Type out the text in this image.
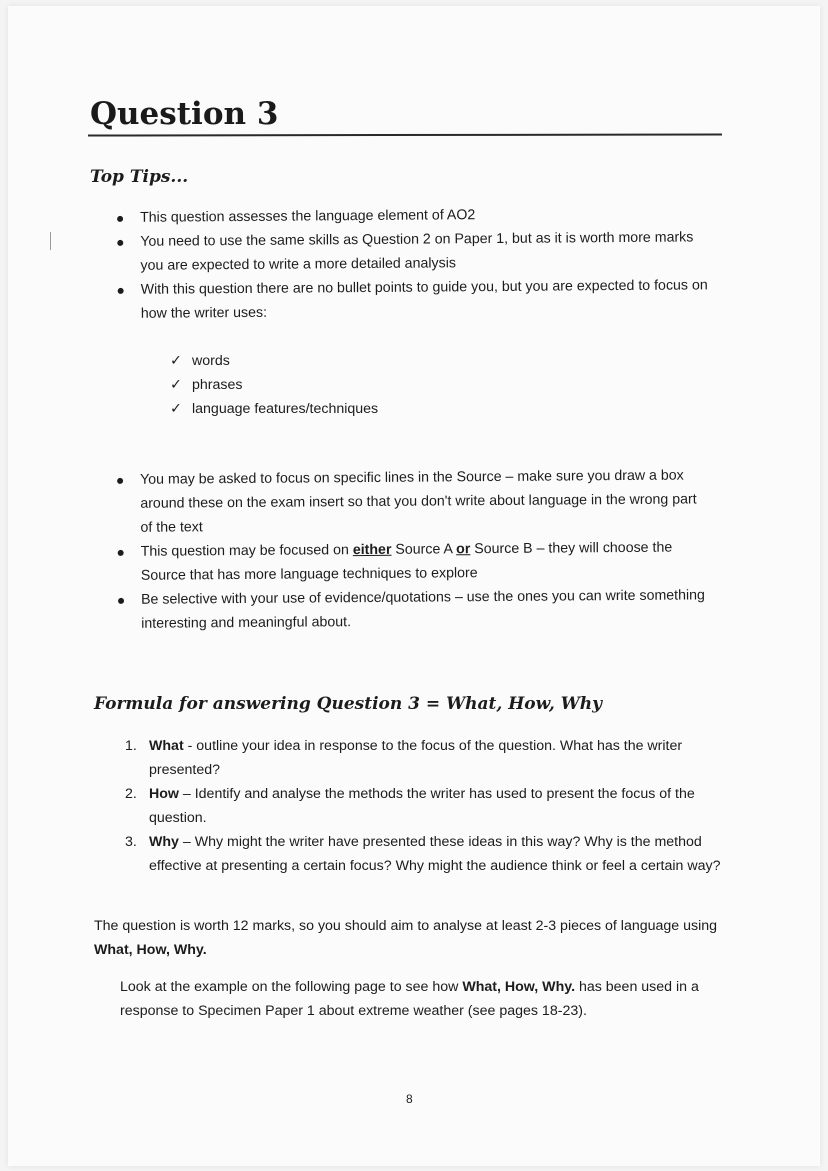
Question 3
Top Tips...
This question assesses the language element of AO2
You need to use the same skills as Question 2 on Paper 1, but as it is worth more marks you are expected to write a more detailed analysis
With this question there are no bullet points to guide you, but you are expected to focus on how the writer uses:
✓ words
✓ phrases
✓ language features/techniques
You may be asked to focus on specific lines in the Source – make sure you draw a box around these on the exam insert so that you don't write about language in the wrong part of the text
This question may be focused on either Source A or Source B – they will choose the Source that has more language techniques to explore
Be selective with your use of evidence/quotations – use the ones you can write something interesting and meaningful about.
Formula for answering Question 3 = What, How, Why
1. What - outline your idea in response to the focus of the question. What has the writer presented?
2. How – Identify and analyse the methods the writer has used to present the focus of the question.
3. Why – Why might the writer have presented these ideas in this way? Why is the method effective at presenting a certain focus? Why might the audience think or feel a certain way?

The question is worth 12 marks, so you should aim to analyse at least 2-3 pieces of language using What, How, Why.

Look at the example on the following page to see how What, How, Why. has been used in a response to Specimen Paper 1 about extreme weather (see pages 18-23).

8
